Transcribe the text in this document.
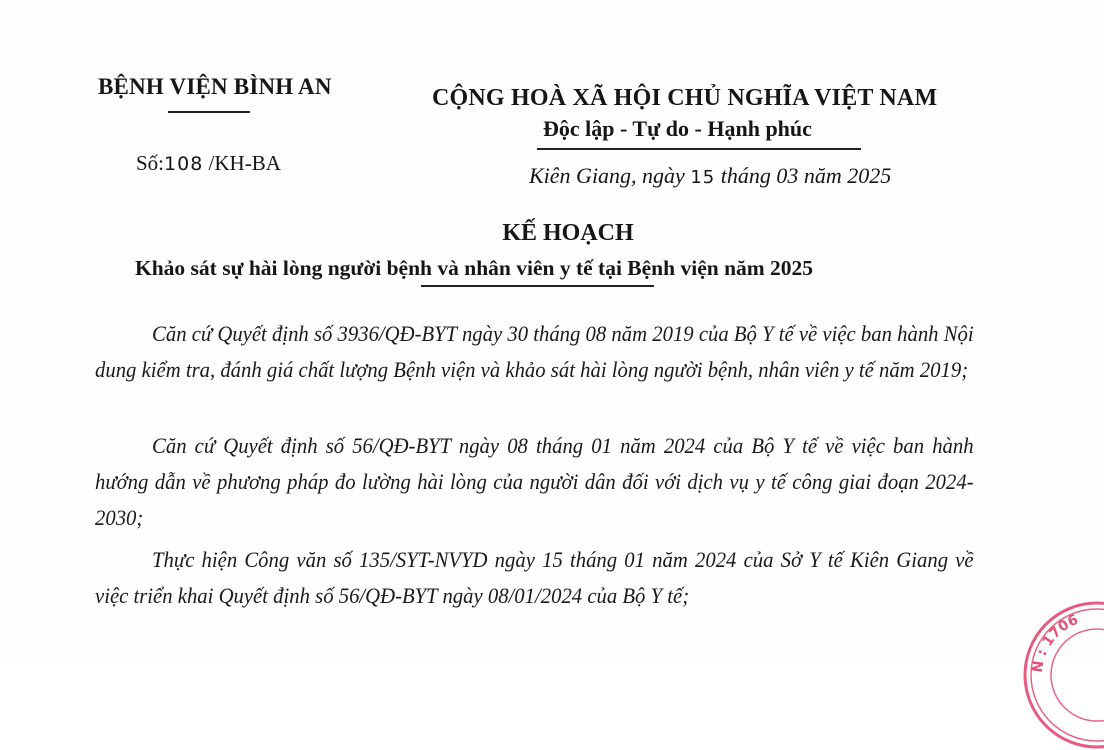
BỆNH VIỆN BÌNH AN
Số:108 /KH-BA
CỘNG HOÀ XÃ HỘI CHỦ NGHĨA VIỆT NAM
Độc lập - Tự do - Hạnh phúc
Kiên Giang, ngày 15 tháng 03 năm 2025
KẾ HOẠCH
Khảo sát sự hài lòng người bệnh và nhân viên y tế tại Bệnh viện năm 2025

Căn cứ Quyết định số 3936/QĐ-BYT ngày 30 tháng 08 năm 2019 của Bộ Y tế về việc ban hành Nội dung kiểm tra, đánh giá chất lượng Bệnh viện và khảo sát hài lòng người bệnh, nhân viên y tế năm 2019;

Căn cứ Quyết định số 56/QĐ-BYT ngày 08 tháng 01 năm 2024 của Bộ Y tế về việc ban hành hướng dẫn về phương pháp đo lường hài lòng của người dân đối với dịch vụ y tế công giai đoạn 2024-2030;

Thực hiện Công văn số 135/SYT-NVYD ngày 15 tháng 01 năm 2024 của Sở Y tế Kiên Giang về việc triển khai Quyết định số 56/QĐ-BYT ngày 08/01/2024 của Bộ Y tế;

N : 1706
